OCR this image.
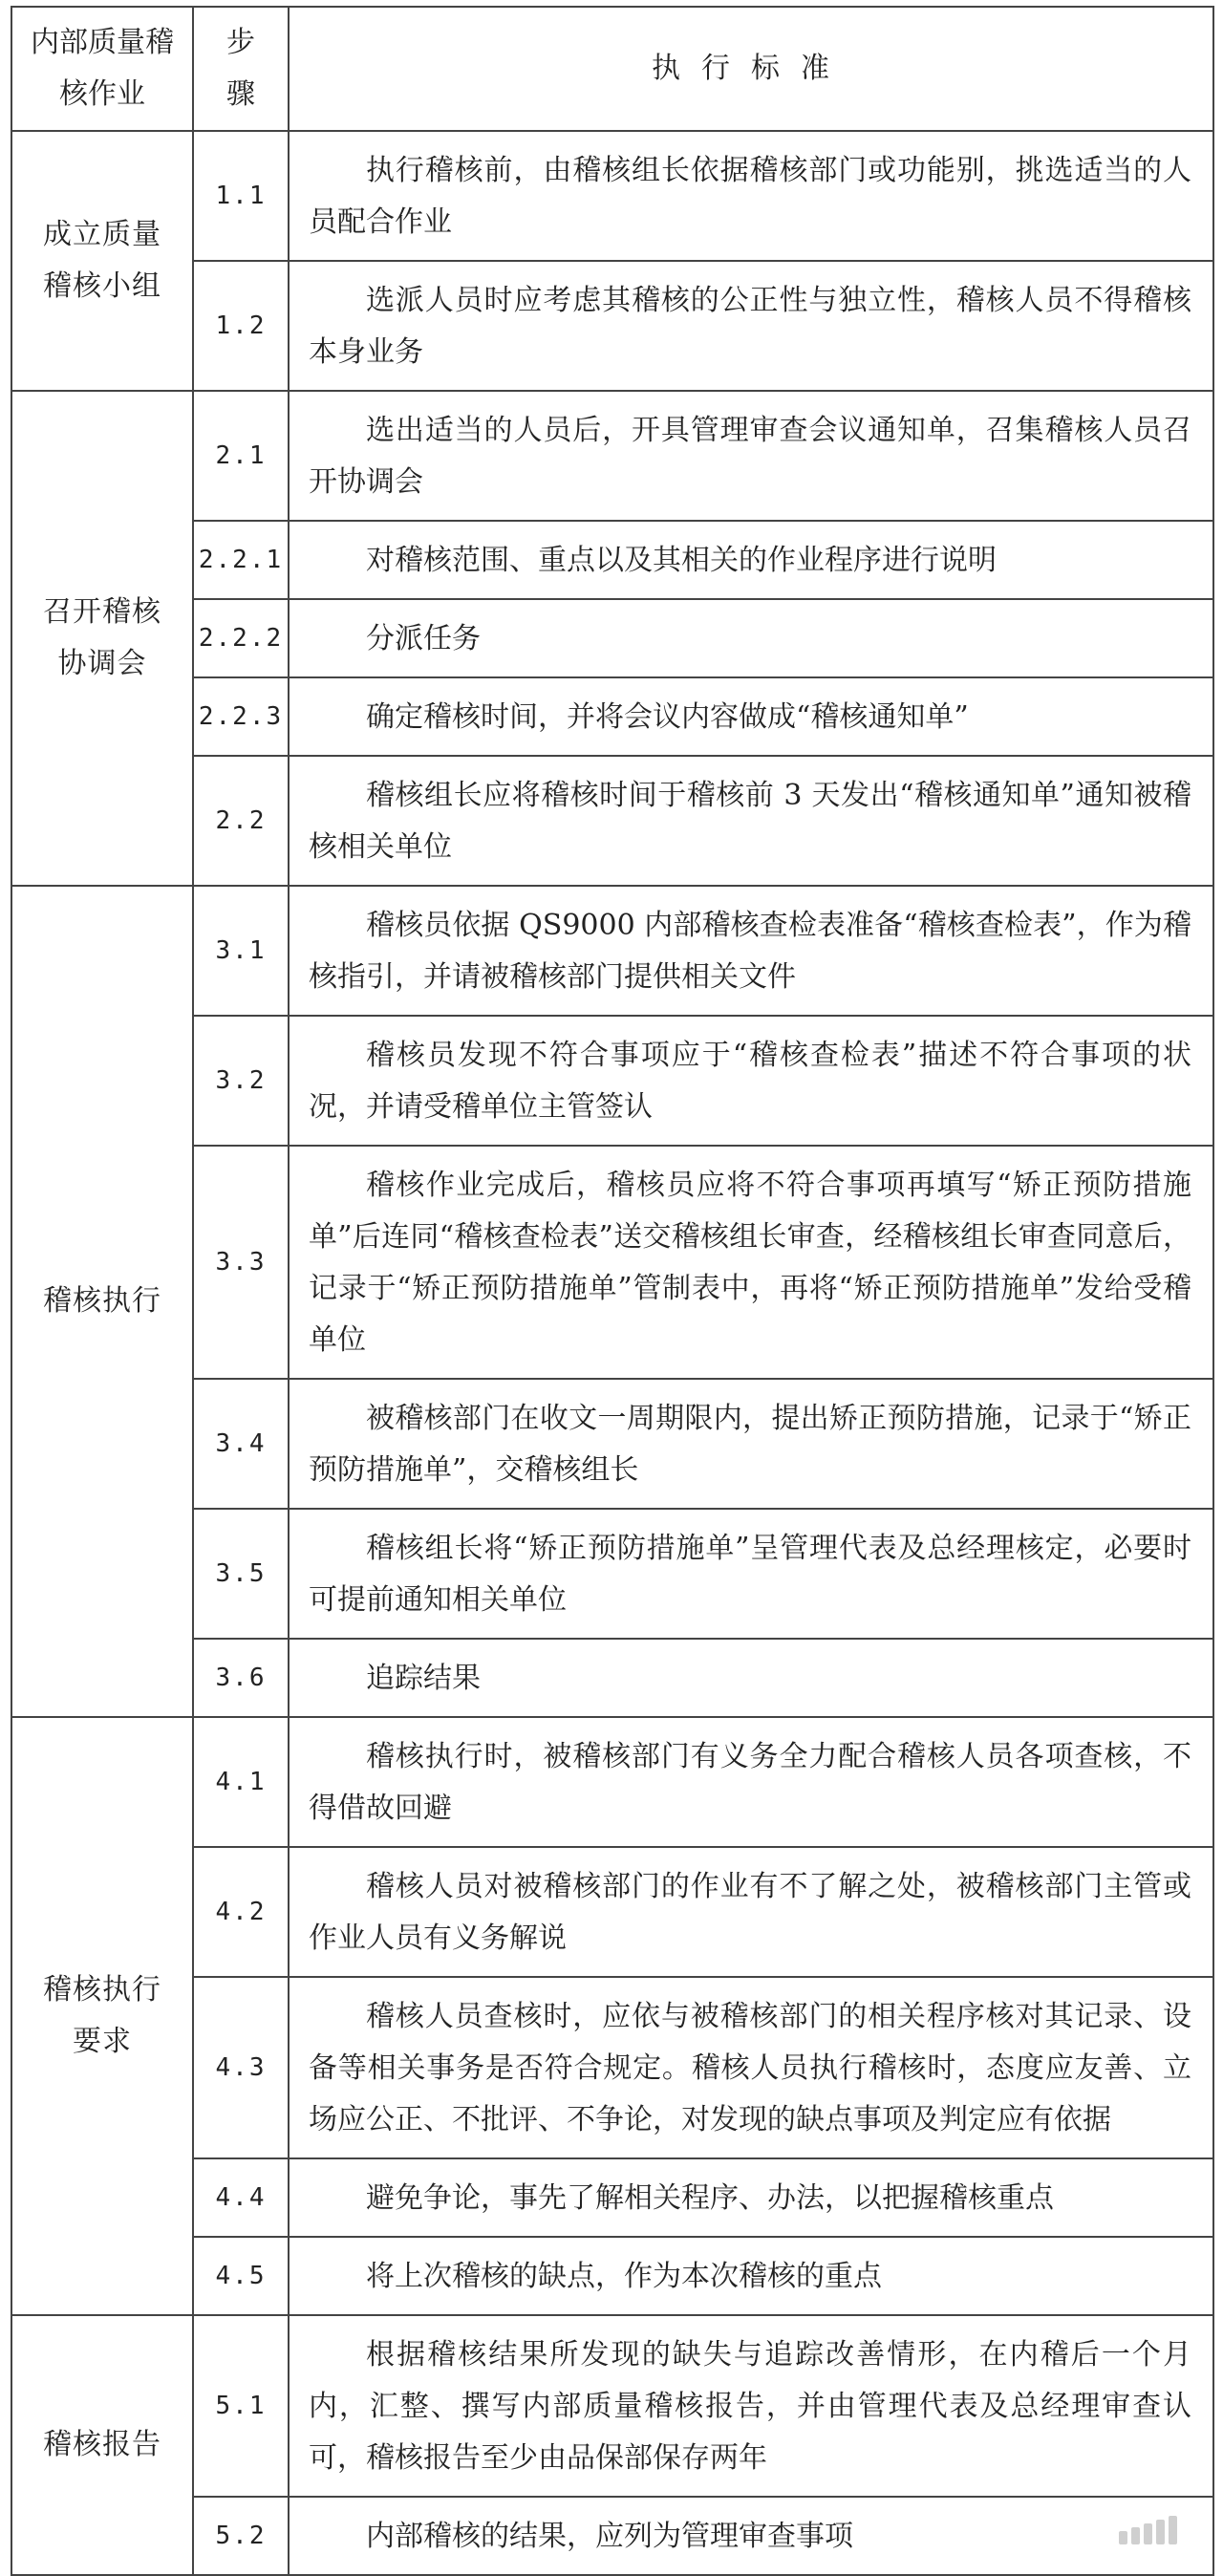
内部质量稽核作业	步骤	执行标准
成立质量稽核小组	1.1	执行稽核前，由稽核组长依据稽核部门或功能别，挑选适当的人员配合作业

	1.2	选派人员时应考虑其稽核的公正性与独立性，稽核人员不得稽核本身业务

召开稽核协调会	2.1	选出适当的人员后，开具管理审查会议通知单，召集稽核人员召开协调会

	2.2.1	对稽核范围、重点以及其相关的作业程序进行说明

	2.2.2	分派任务

	2.2.3	确定稽核时间，并将会议内容做成“稽核通知单”

	2.2	稽核组长应将稽核时间于稽核前 3 天发出“稽核通知单”通知被稽核相关单位

稽核执行	3.1	稽核员依据 QS9000 内部稽核查检表准备“稽核查检表”，作为稽核指引，并请被稽核部门提供相关文件

	3.2	稽核员发现不符合事项应于“稽核查检表”描述不符合事项的状况，并请受稽单位主管签认

	3.3	稽核作业完成后，稽核员应将不符合事项再填写“矫正预防措施单”后连同“稽核查检表”送交稽核组长审查，经稽核组长审查同意后，记录于“矫正预防措施单”管制表中，再将“矫正预防措施单”发给受稽单位

	3.4	被稽核部门在收文一周期限内，提出矫正预防措施，记录于“矫正预防措施单”，交稽核组长

	3.5	稽核组长将“矫正预防措施单”呈管理代表及总经理核定，必要时可提前通知相关单位

	3.6	追踪结果

稽核执行要求	4.1	稽核执行时，被稽核部门有义务全力配合稽核人员各项查核，不得借故回避

	4.2	稽核人员对被稽核部门的作业有不了解之处，被稽核部门主管或作业人员有义务解说

	4.3	稽核人员查核时，应依与被稽核部门的相关程序核对其记录、设备等相关事务是否符合规定。稽核人员执行稽核时，态度应友善、立场应公正、不批评、不争论，对发现的缺点事项及判定应有依据

	4.4	避免争论，事先了解相关程序、办法，以把握稽核重点

	4.5	将上次稽核的缺点，作为本次稽核的重点

稽核报告	5.1	根据稽核结果所发现的缺失与追踪改善情形，在内稽后一个月内，汇整、撰写内部质量稽核报告，并由管理代表及总经理审查认可，稽核报告至少由品保部保存两年

	5.2	内部稽核的结果，应列为管理审查事项
